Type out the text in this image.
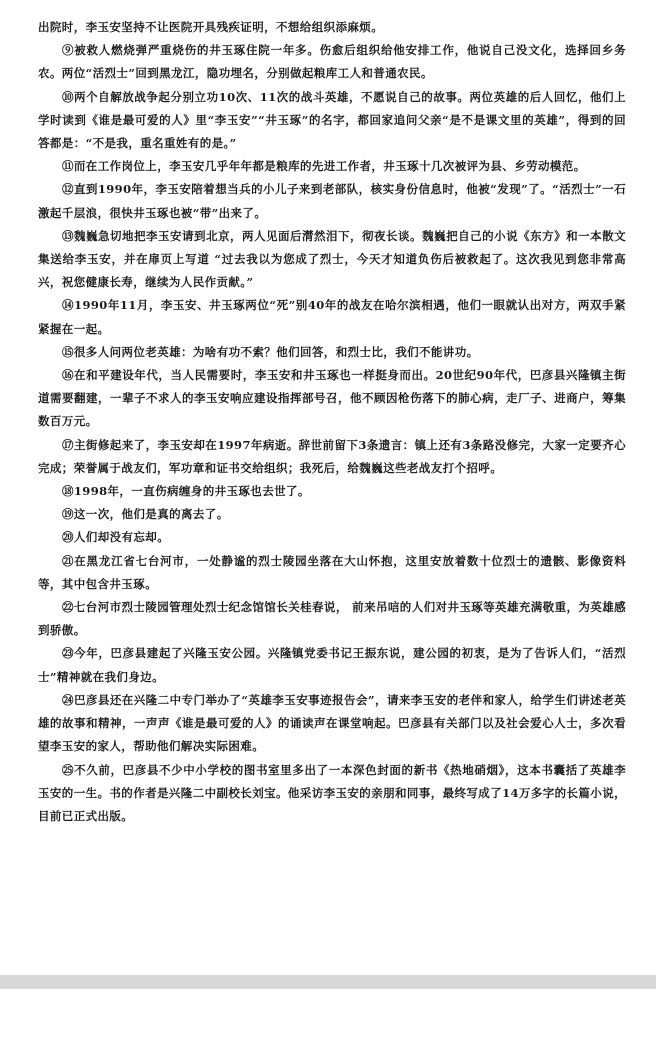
出院时，李玉安坚持不让医院开具残疾证明，不想给组织添麻烦。

⑨被救人燃烧弹严重烧伤的井玉琢住院一年多。伤愈后组织给他安排工作，他说自己没文化，选择回乡务农。两位“活烈士”回到黑龙江，隐功埋名，分别做起粮库工人和普通农民。

⑩两个自解放战争起分别立功10次、11次的战斗英雄，不愿说自己的故事。两位英雄的后人回忆，他们上学时读到《谁是最可爱的人》里“李玉安”“井玉琢”的名字，都回家追问父亲“是不是课文里的英雄”，得到的回答都是：“不是我，重名重姓有的是。”

⑪而在工作岗位上，李玉安几乎年年都是粮库的先进工作者，井玉琢十几次被评为县、乡劳动模范。

⑫直到1990年，李玉安陪着想当兵的小儿子来到老部队，核实身份信息时，他被“发现”了。“活烈士”一石激起千层浪，很快井玉琢也被“带”出来了。

⑬魏巍急切地把李玉安请到北京，两人见面后潸然泪下，彻夜长谈。魏巍把自己的小说《东方》和一本散文集送给李玉安，并在扉页上写道 “过去我以为您成了烈士，今天才知道负伤后被救起了。这次我见到您非常高兴，祝您健康长寿，继续为人民作贡献。”

⑭1990年11月，李玉安、井玉琢两位“死”别40年的战友在哈尔滨相遇，他们一眼就认出对方，两双手紧紧握在一起。

⑮很多人问两位老英雄：为啥有功不索？他们回答，和烈士比，我们不能讲功。

⑯在和平建设年代，当人民需要时，李玉安和井玉琢也一样挺身而出。20世纪90年代，巴彦县兴隆镇主街道需要翻建，一辈子不求人的李玉安响应建设指挥部号召，他不顾因枪伤落下的肺心病，走厂子、进商户，筹集数百万元。

⑰主街修起来了，李玉安却在1997年病逝。辞世前留下3条遗言：镇上还有3条路没修完，大家一定要齐心完成；荣誉属于战友们，军功章和证书交给组织；我死后，给魏巍这些老战友打个招呼。

⑱1998年，一直伤病缠身的井玉琢也去世了。

⑲这一次，他们是真的离去了。

⑳人们却没有忘却。

㉑在黑龙江省七台河市，一处静谧的烈士陵园坐落在大山怀抱，这里安放着数十位烈士的遗骸、影像资料等，其中包含井玉琢。

㉒七台河市烈士陵园管理处烈士纪念馆馆长关桂春说， 前来吊唁的人们对井玉琢等英雄充满敬重，为英雄感到骄傲。

㉓今年，巴彦县建起了兴隆玉安公园。兴隆镇党委书记王振东说，建公园的初衷，是为了告诉人们，“活烈士”精神就在我们身边。

㉔巴彦县还在兴隆二中专门举办了“英雄李玉安事迹报告会”，请来李玉安的老伴和家人，给学生们讲述老英雄的故事和精神，一声声《谁是最可爱的人》的诵读声在课堂响起。巴彦县有关部门以及社会爱心人士，多次看望李玉安的家人，帮助他们解决实际困难。

㉕不久前，巴彦县不少中小学校的图书室里多出了一本深色封面的新书《热地硝烟》，这本书囊括了英雄李玉安的一生。书的作者是兴隆二中副校长刘宝。他采访李玉安的亲朋和同事，最终写成了14万多字的长篇小说，目前已正式出版。
